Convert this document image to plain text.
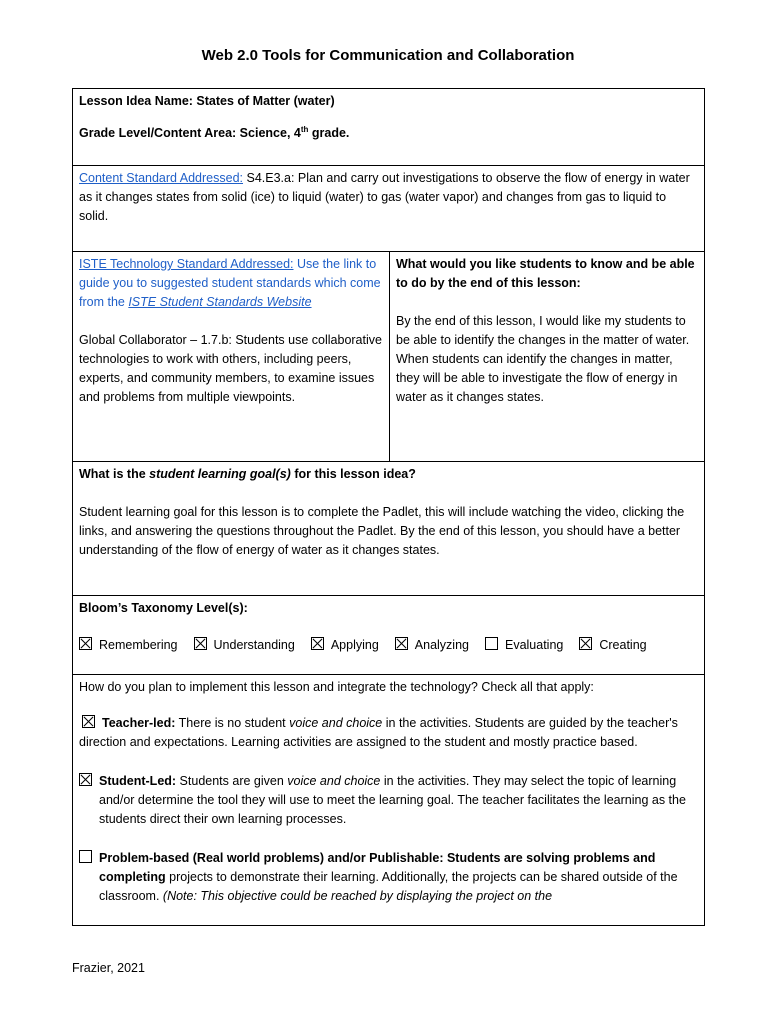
Web 2.0 Tools for Communication and Collaboration

Lesson Idea Name: States of Matter (water)

Grade Level/Content Area: Science, 4th grade.

Content Standard Addressed: S4.E3.a: Plan and carry out investigations to observe the flow of energy in water as it changes states from solid (ice) to liquid (water) to gas (water vapor) and changes from gas to liquid to solid.
ISTE Technology Standard Addressed: Use the link to guide you to suggested student standards which come from the ISTE Student Standards Website

Global Collaborator – 1.7.b: Students use collaborative technologies to work with others, including peers, experts, and community members, to examine issues and problems from multiple viewpoints.

What would you like students to know and be able to do by the end of this lesson:

By the end of this lesson, I would like my students to be able to identify the changes in the matter of water. When students can identify the changes in matter, they will be able to investigate the flow of energy in water as it changes states.

What is the student learning goal(s) for this lesson idea?

Student learning goal for this lesson is to complete the Padlet, this will include watching the video, clicking the links, and answering the questions throughout the Padlet. By the end of this lesson, you should have a better understanding of the flow of energy of water as it changes states.

Bloom’s Taxonomy Level(s):

Remembering	Understanding	Applying	Analyzing	Evaluating	Creating

How do you plan to implement this lesson and integrate the technology? Check all that apply:

Teacher-led: There is no student voice and choice in the activities. Students are guided by the teacher's direction and expectations. Learning activities are assigned to the student and mostly practice based.

Student-Led: Students are given voice and choice in the activities. They may select the topic of learning and/or determine the tool they will use to meet the learning goal. The teacher facilitates the learning as the students direct their own learning processes.

Problem-based (Real world problems) and/or Publishable: Students are solving problems and completing projects to demonstrate their learning. Additionally, the projects can be shared outside of the classroom. (Note: This objective could be reached by displaying the project on the

Frazier, 2021
